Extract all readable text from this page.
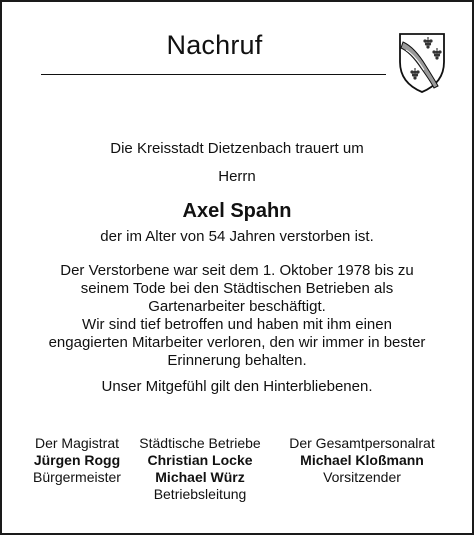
Nachruf
Die Kreisstadt Dietzenbach trauert um
Herrn
Axel Spahn
der im Alter von 54 Jahren verstorben ist.
Der Verstorbene war seit dem 1. Oktober 1978 bis zu
seinem Tode bei den Städtischen Betrieben als
Gartenarbeiter beschäftigt.
Wir sind tief betroffen und haben mit ihm einen
engagierten Mitarbeiter verloren, den wir immer in bester
Erinnerung behalten.
Unser Mitgefühl gilt den Hinterbliebenen.
Der Magistrat
Jürgen Rogg
Bürgermeister
Städtische Betriebe
Christian Locke
Michael Würz
Betriebsleitung
Der Gesamtpersonalrat
Michael Kloßmann
Vorsitzender
